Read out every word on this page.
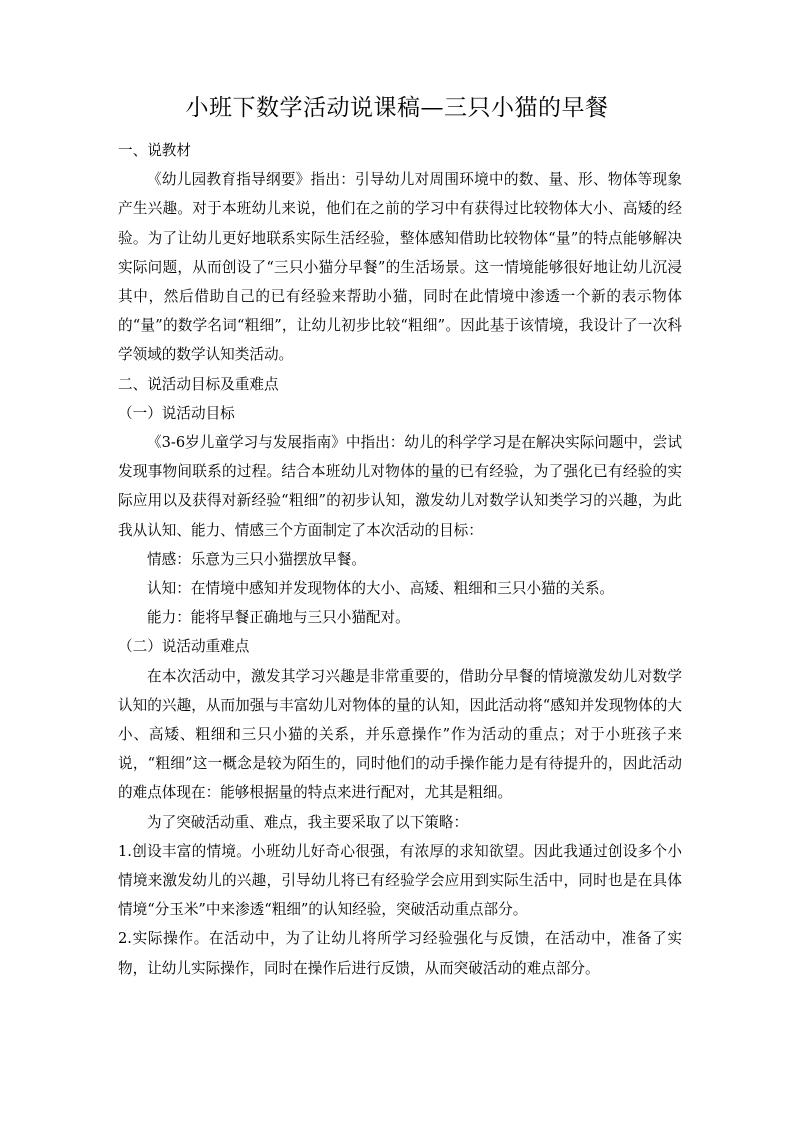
小班下数学活动说课稿—三只小猫的早餐

一、说教材

《幼儿园教育指导纲要》指出：引导幼儿对周围环境中的数、量、形、物体等现象产生兴趣。对于本班幼儿来说，他们在之前的学习中有获得过比较物体大小、高矮的经验。为了让幼儿更好地联系实际生活经验，整体感知借助比较物体“量”的特点能够解决实际问题，从而创设了“三只小猫分早餐”的生活场景。这一情境能够很好地让幼儿沉浸其中，然后借助自己的已有经验来帮助小猫，同时在此情境中渗透一个新的表示物体的“量”的数学名词“粗细”，让幼儿初步比较“粗细”。因此基于该情境，我设计了一次科学领域的数学认知类活动。

二、说活动目标及重难点

（一）说活动目标

《3-6岁儿童学习与发展指南》中指出：幼儿的科学学习是在解决实际问题中，尝试发现事物间联系的过程。结合本班幼儿对物体的量的已有经验，为了强化已有经验的实际应用以及获得对新经验“粗细”的初步认知，激发幼儿对数学认知类学习的兴趣，为此我从认知、能力、情感三个方面制定了本次活动的目标：

情感：乐意为三只小猫摆放早餐。

认知：在情境中感知并发现物体的大小、高矮、粗细和三只小猫的关系。

能力：能将早餐正确地与三只小猫配对。

（二）说活动重难点

在本次活动中，激发其学习兴趣是非常重要的，借助分早餐的情境激发幼儿对数学认知的兴趣，从而加强与丰富幼儿对物体的量的认知，因此活动将“感知并发现物体的大小、高矮、粗细和三只小猫的关系，并乐意操作”作为活动的重点；对于小班孩子来说，“粗细”这一概念是较为陌生的，同时他们的动手操作能力是有待提升的，因此活动的难点体现在：能够根据量的特点来进行配对，尤其是粗细。

为了突破活动重、难点，我主要采取了以下策略：

1.创设丰富的情境。小班幼儿好奇心很强，有浓厚的求知欲望。因此我通过创设多个小情境来激发幼儿的兴趣，引导幼儿将已有经验学会应用到实际生活中，同时也是在具体情境“分玉米”中来渗透“粗细”的认知经验，突破活动重点部分。

2.实际操作。在活动中，为了让幼儿将所学习经验强化与反馈，在活动中，准备了实物，让幼儿实际操作，同时在操作后进行反馈，从而突破活动的难点部分。
